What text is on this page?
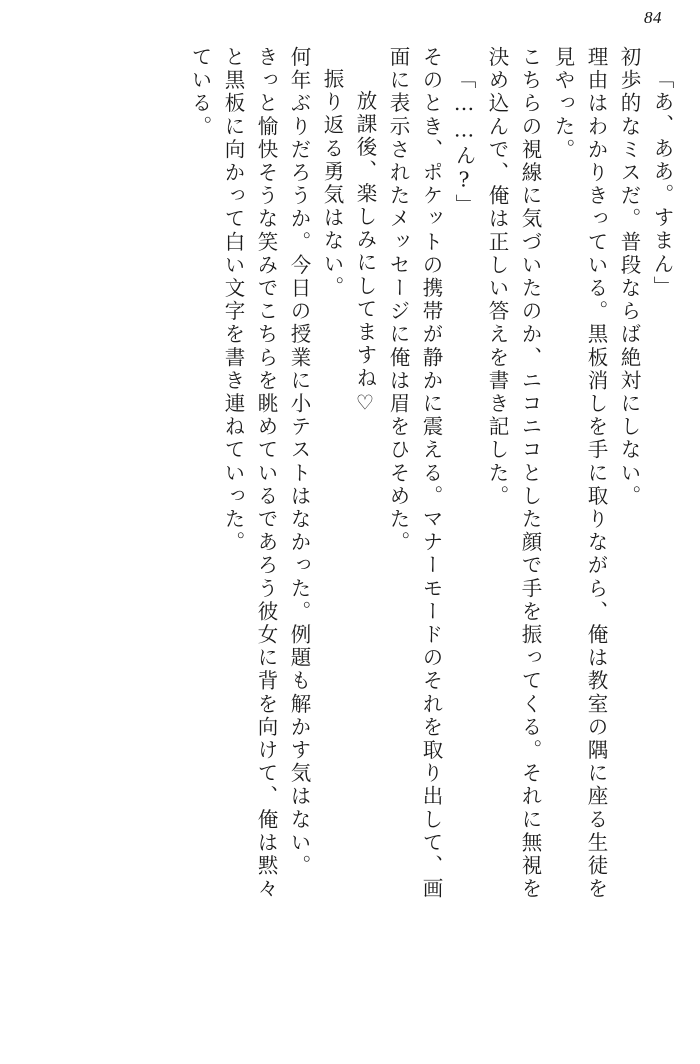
84
「あ、ああ。すまん」
初歩的なミスだ。普段ならば絶対にしない。
理由はわかりきっている。黒板消しを手に取りながら、俺は教室の隅に座る生徒を
見やった。
こちらの視線に気づいたのか、ニコニコとした顔で手を振ってくる。それに無視を
決め込んで、俺は正しい答えを書き記した。
「……ん?」
そのとき、ポケットの携帯が静かに震える。マナーモードのそれを取り出して、画
面に表示されたメッセージに俺は眉をひそめた。
放課後、楽しみにしてますね♡
振り返る勇気はない。
何年ぶりだろうか。今日の授業に小テストはなかった。例題も解かす気はない。
きっと愉快そうな笑みでこちらを眺めているであろう彼女に背を向けて、俺は黙々
と黒板に向かって白い文字を書き連ねていった。
ている。
